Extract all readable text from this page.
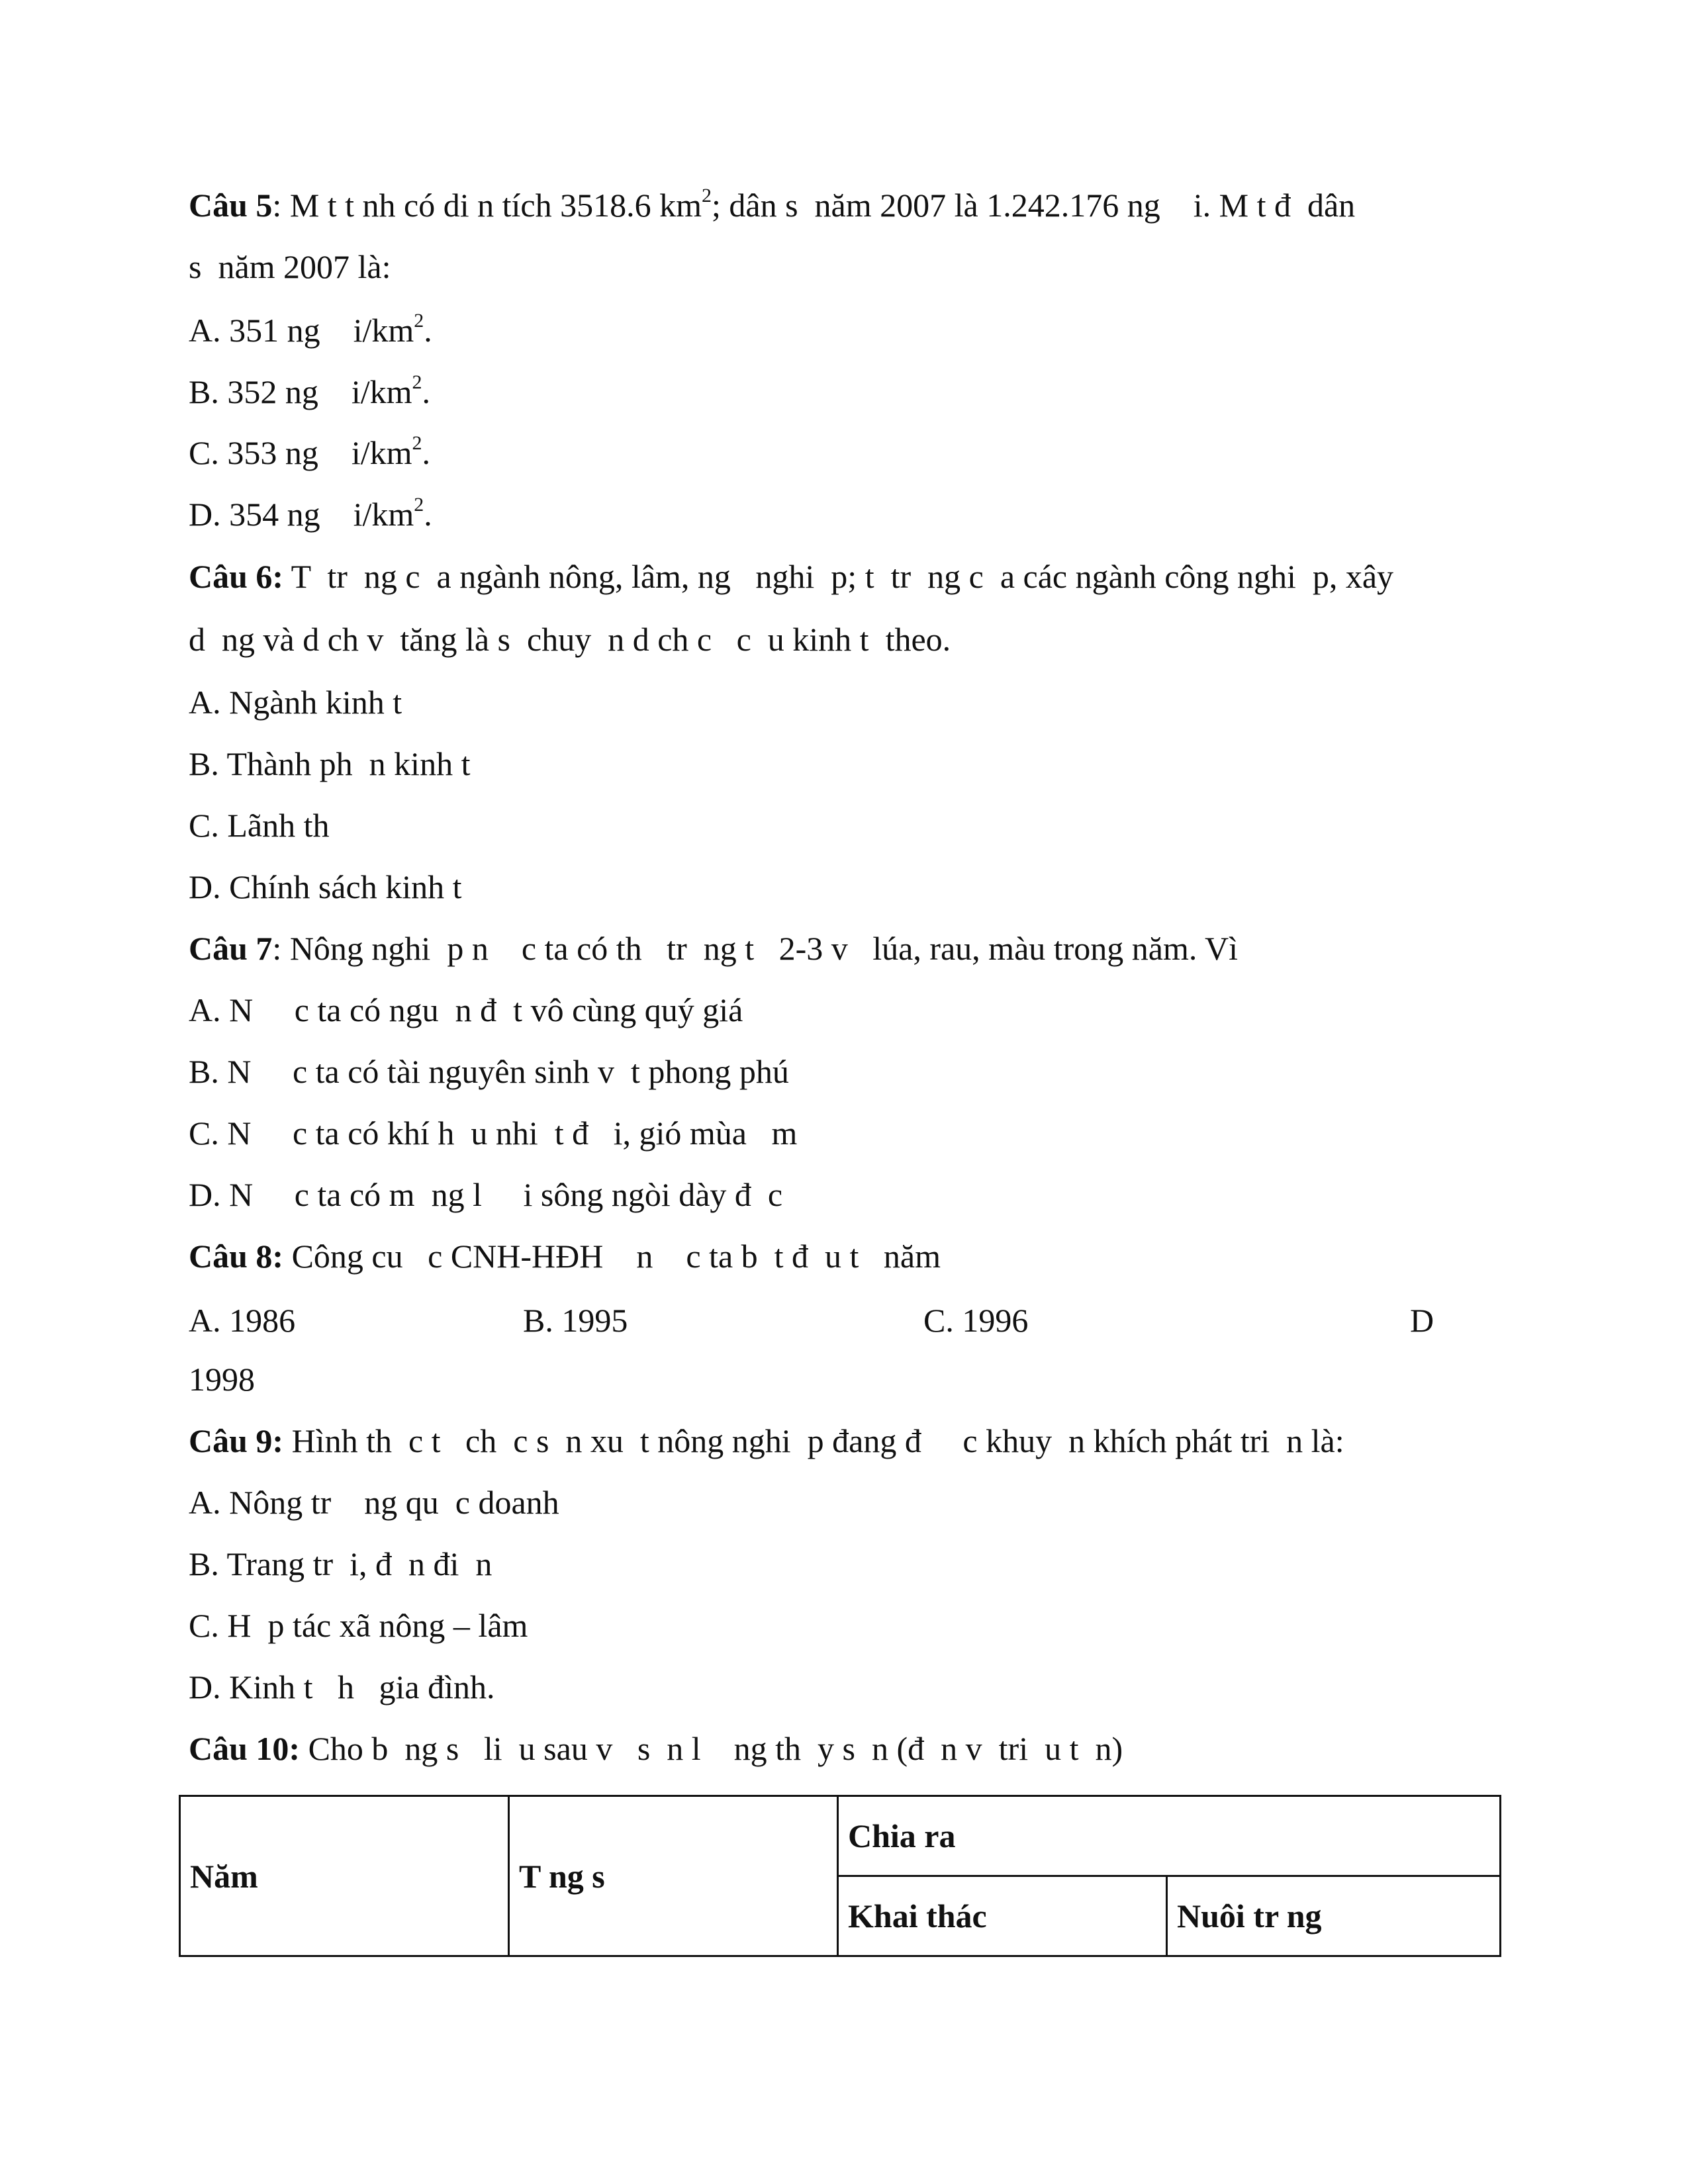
Câu 5: M t t nh có di n tích 3518.6 $km^2$; dân s  năm 2007 là 1.242.176 ng    i. M t đ  dân
s  năm 2007 là:
A. 351 ng    $i/km^2$.
B. 352 ng    $i/km^2$.
C. 353 ng    $i/km^2$.
D. 354 ng    $i/km^2$.
Câu 6: T  tr  ng c  a ngành nông, lâm, ng   nghi  p; t  tr  ng c  a các ngành công nghi  p, xây
d  ng và d ch v  tăng là s  chuy  n d ch c   c  u kinh t  theo.
A. Ngành kinh t
B. Thành ph  n kinh t
C. Lãnh th
D. Chính sách kinh t
Câu 7: Nông nghi  p n    c ta có th   tr  ng t   2-3 v   lúa, rau, màu trong năm. Vì
A. N     c ta có ngu  n đ  t vô cùng quý giá
B. N     c ta có tài nguyên sinh v  t phong phú
C. N     c ta có khí h  u nhi  t đ   i, gió mùa   m
D. N     c ta có m  ng l     i sông ngòi dày đ  c
Câu 8: Công cu   c CNH-HĐH    n    c ta b  t đ  u t   năm
A. 1986	B. 1995	C. 1996	D
1998
Câu 9: Hình th  c t   ch  c s  n xu  t nông nghi  p đang đ     c khuy  n khích phát tri  n là:
A. Nông tr    ng qu  c doanh
B. Trang tr  i, đ  n đi  n
C. H  p tác xã nông – lâm
D. Kinh t   h   gia đình.
Câu 10: Cho b  ng s   li  u sau v   s  n l    ng th  y s  n (đ  n v  tri  u t  n)
Năm	T ng s	Chia ra	
		Khai thác	Nuôi tr ng
